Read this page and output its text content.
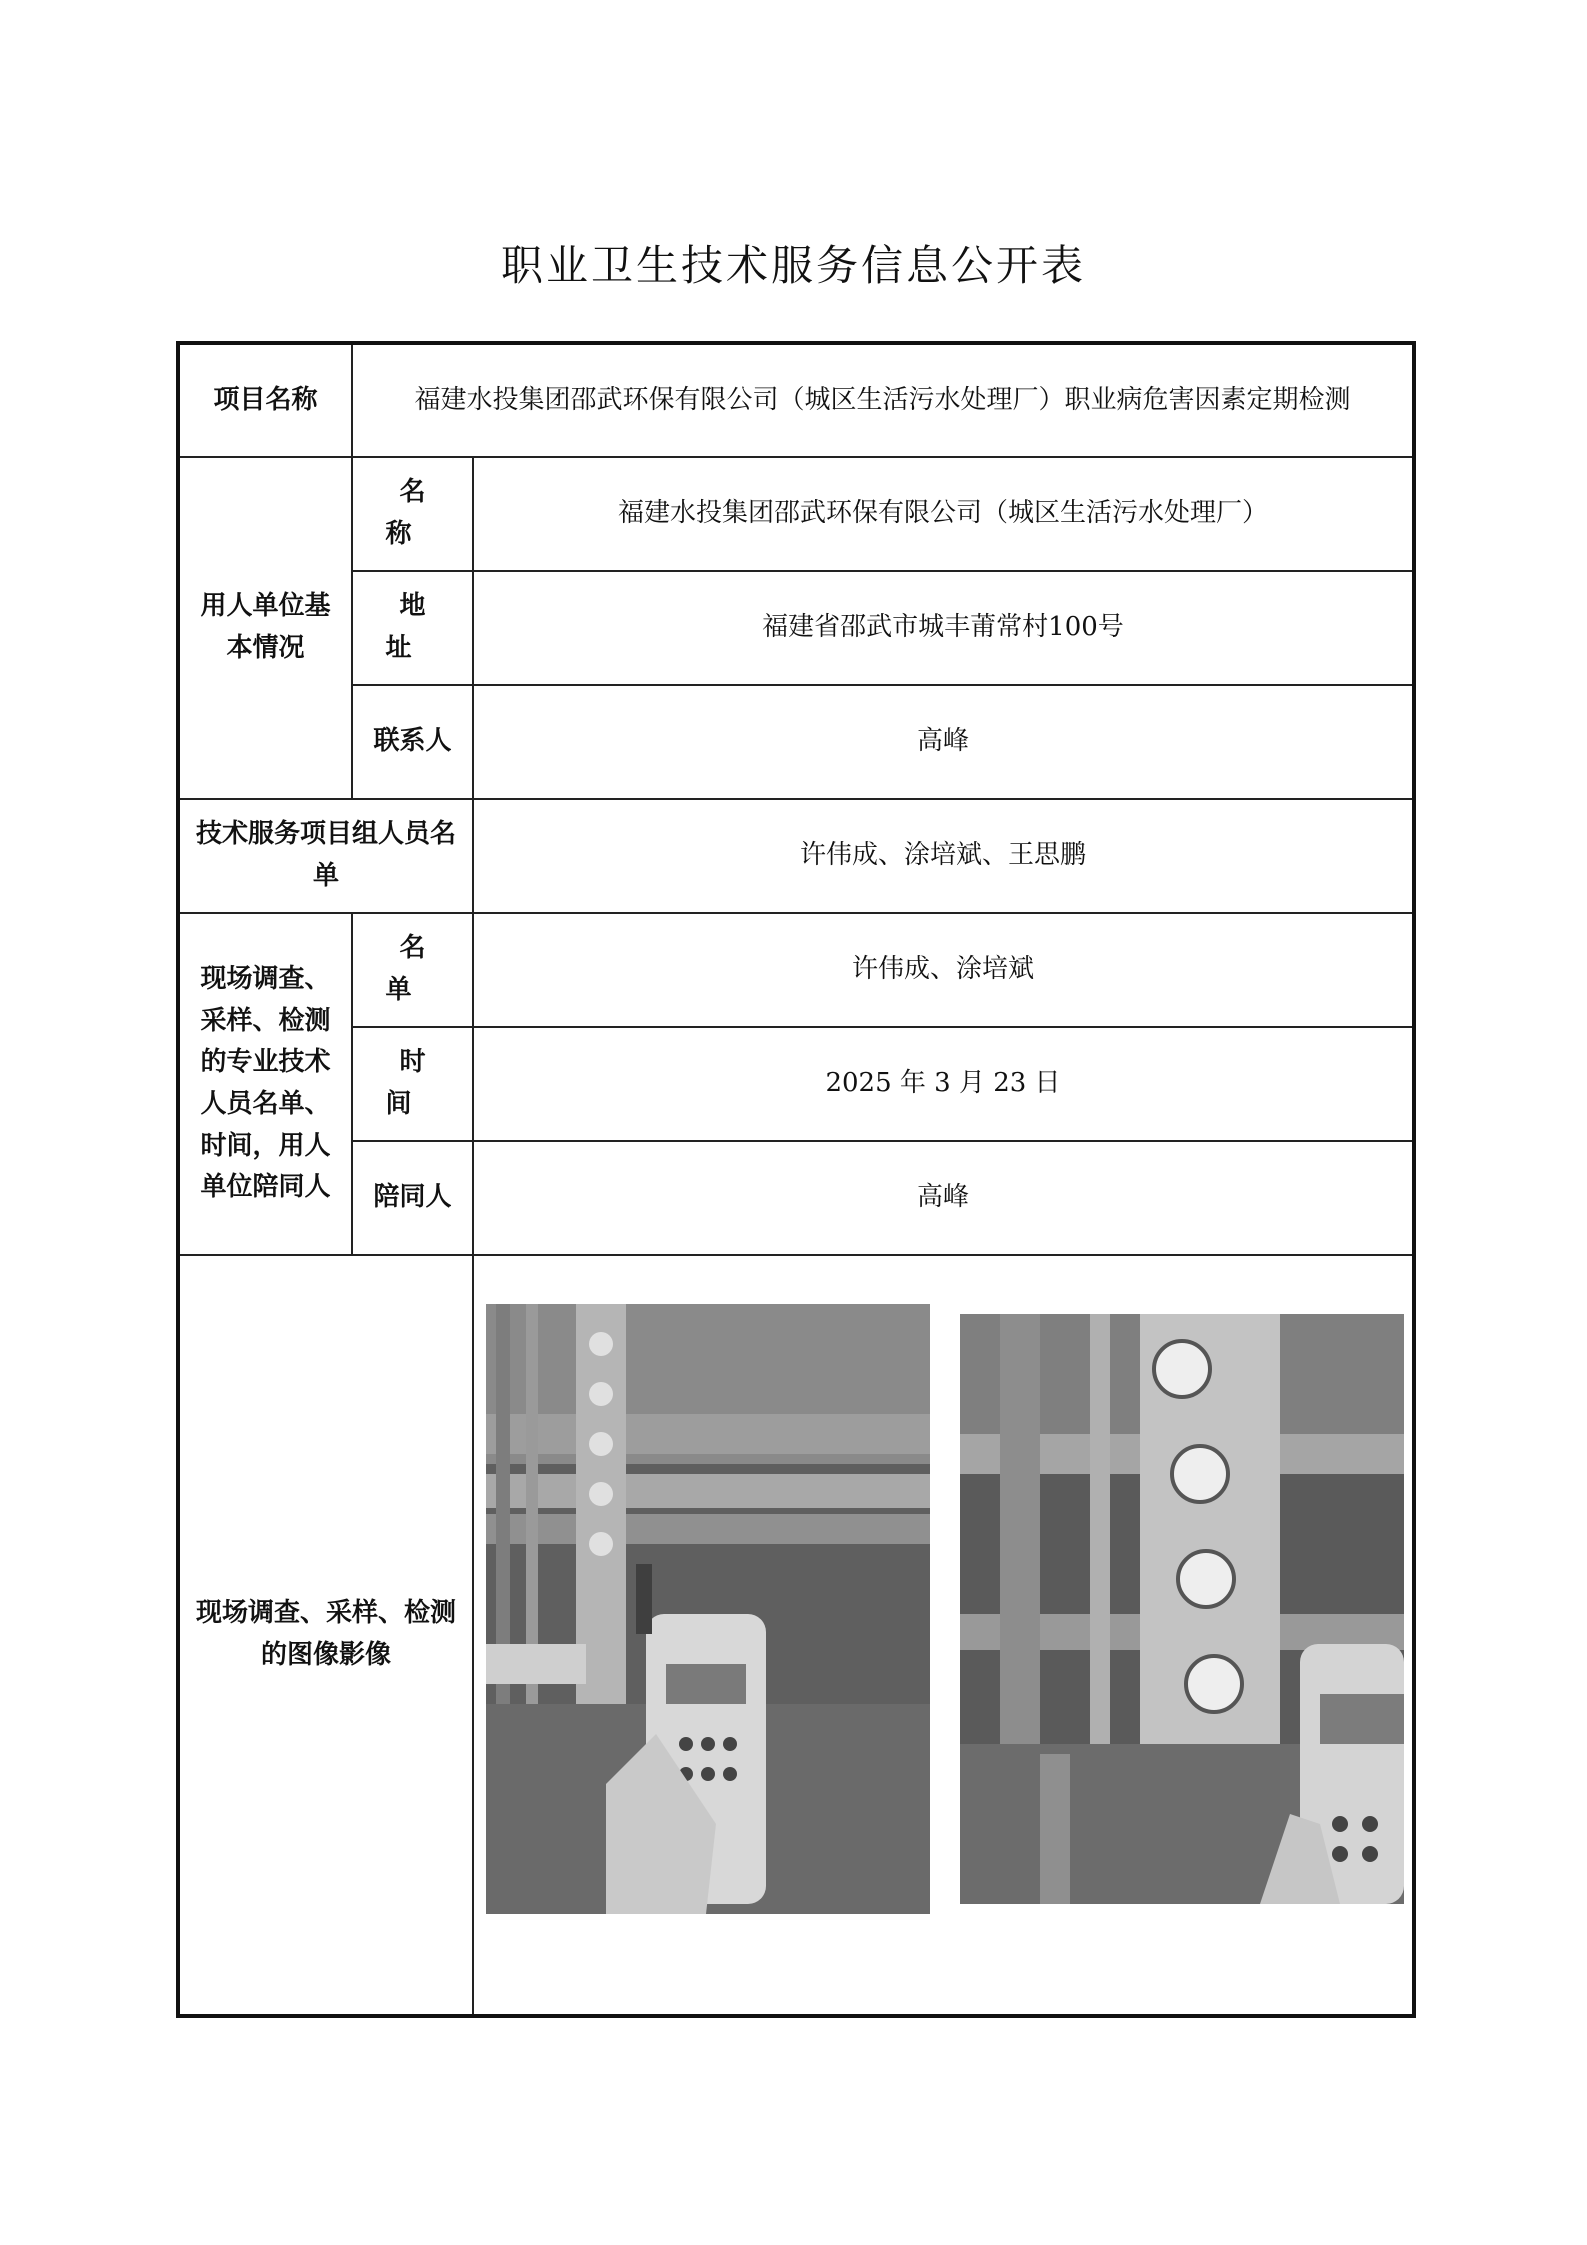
职业卫生技术服务信息公开表
项目名称	福建水投集团邵武环保有限公司（城区生活污水处理厂）职业病危害因素定期检测	
用人单位基本情况	名 称	福建水投集团邵武环保有限公司（城区生活污水处理厂）
	地 址	福建省邵武市城丰莆常村100号
	联系人	高峰
技术服务项目组人员名单		许伟成、涂培斌、王思鹏
现场调查、采样、检测的专业技术人员名单、时间，用人单位陪同人	名 单	许伟成、涂培斌
	时 间	2025 年 3 月 23 日
	陪同人	高峰
现场调查、采样、检测的图像影像	
